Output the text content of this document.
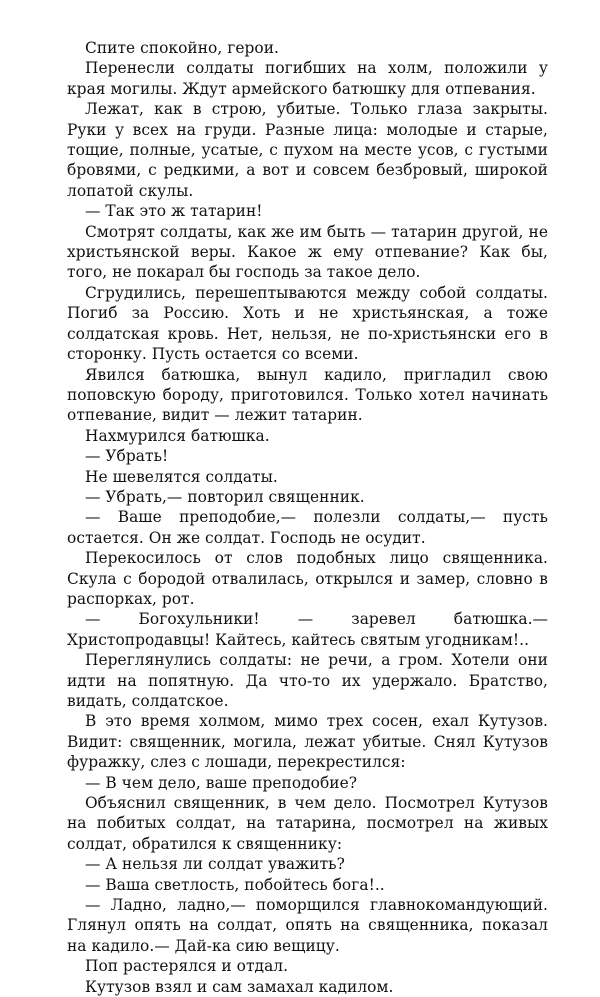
Спите спокойно, герои.

Перенесли солдаты погибших на холм, положили у края могилы. Ждут армейского батюшку для отпевания.

Лежат, как в строю, убитые. Только глаза закрыты. Руки у всех на груди. Разные лица: молодые и старые, тощие, полные, усатые, с пухом на месте усов, с густыми бровями, с редкими, а вот и совсем безбровый, широкой лопатой скулы.

— Так это ж татарин!

Смотрят солдаты, как же им быть — татарин другой, не христьянской веры. Какое ж ему отпевание? Как бы, того, не покарал бы господь за такое дело.

Сгрудились, перешептываются между собой солдаты. Погиб за Россию. Хоть и не христьянская, а тоже солдатская кровь. Нет, нельзя, не по-христьянски его в сторонку. Пусть остается со всеми.

Явился батюшка, вынул кадило, пригладил свою поповскую бороду, приготовился. Только хотел начинать отпевание, видит — лежит татарин.

Нахмурился батюшка.

— Убрать!

Не шевелятся солдаты.

— Убрать,— повторил священник.

— Ваше преподобие,— полезли солдаты,— пусть остается. Он же солдат. Господь не осудит.

Перекосилось от слов подобных лицо священника. Скула с бородой отвалилась, открылся и замер, словно в распорках, рот.

— Богохульники! — заревел батюшка.— Христопродавцы! Кайтесь, кайтесь святым угодникам!..

Переглянулись солдаты: не речи, а гром. Хотели они идти на попятную. Да что-то их удержало. Братство, видать, солдатское.

В это время холмом, мимо трех сосен, ехал Кутузов. Видит: священник, могила, лежат убитые. Снял Кутузов фуражку, слез с лошади, перекрестился:

— В чем дело, ваше преподобие?

Объяснил священник, в чем дело. Посмотрел Кутузов на побитых солдат, на татарина, посмотрел на живых солдат, обратился к священнику:

— А нельзя ли солдат уважить?

— Ваша светлость, побойтесь бога!..

— Ладно, ладно,— поморщился главнокомандующий. Глянул опять на солдат, опять на священника, показал на кадило.— Дай-ка сию вещицу.

Поп растерялся и отдал.

Кутузов взял и сам замахал кадилом.
